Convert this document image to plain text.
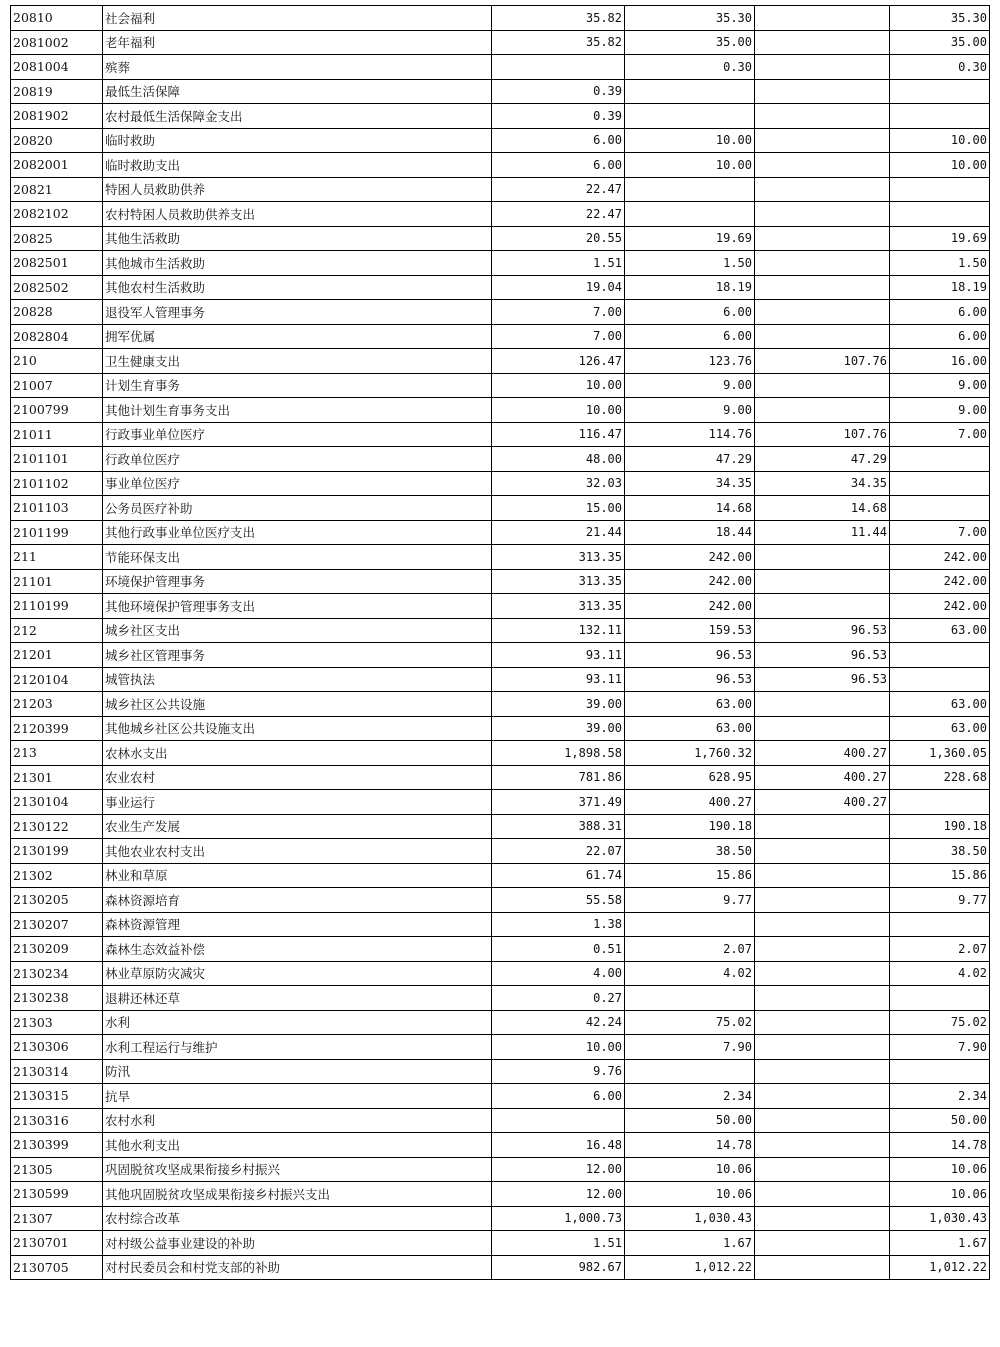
20810	社会福利	35.82	35.30		35.30
2081002	老年福利	35.82	35.00		35.00
2081004	殡葬		0.30		0.30
20819	最低生活保障	0.39			
2081902	农村最低生活保障金支出	0.39			
20820	临时救助	6.00	10.00		10.00
2082001	临时救助支出	6.00	10.00		10.00
20821	特困人员救助供养	22.47			
2082102	农村特困人员救助供养支出	22.47			
20825	其他生活救助	20.55	19.69		19.69
2082501	其他城市生活救助	1.51	1.50		1.50
2082502	其他农村生活救助	19.04	18.19		18.19
20828	退役军人管理事务	7.00	6.00		6.00
2082804	拥军优属	7.00	6.00		6.00
210	卫生健康支出	126.47	123.76	107.76	16.00
21007	计划生育事务	10.00	9.00		9.00
2100799	其他计划生育事务支出	10.00	9.00		9.00
21011	行政事业单位医疗	116.47	114.76	107.76	7.00
2101101	行政单位医疗	48.00	47.29	47.29	
2101102	事业单位医疗	32.03	34.35	34.35	
2101103	公务员医疗补助	15.00	14.68	14.68	
2101199	其他行政事业单位医疗支出	21.44	18.44	11.44	7.00
211	节能环保支出	313.35	242.00		242.00
21101	环境保护管理事务	313.35	242.00		242.00
2110199	其他环境保护管理事务支出	313.35	242.00		242.00
212	城乡社区支出	132.11	159.53	96.53	63.00
21201	城乡社区管理事务	93.11	96.53	96.53	
2120104	城管执法	93.11	96.53	96.53	
21203	城乡社区公共设施	39.00	63.00		63.00
2120399	其他城乡社区公共设施支出	39.00	63.00		63.00
213	农林水支出	1,898.58	1,760.32	400.27	1,360.05
21301	农业农村	781.86	628.95	400.27	228.68
2130104	事业运行	371.49	400.27	400.27	
2130122	农业生产发展	388.31	190.18		190.18
2130199	其他农业农村支出	22.07	38.50		38.50
21302	林业和草原	61.74	15.86		15.86
2130205	森林资源培育	55.58	9.77		9.77
2130207	森林资源管理	1.38			
2130209	森林生态效益补偿	0.51	2.07		2.07
2130234	林业草原防灾减灾	4.00	4.02		4.02
2130238	退耕还林还草	0.27			
21303	水利	42.24	75.02		75.02
2130306	水利工程运行与维护	10.00	7.90		7.90
2130314	防汛	9.76			
2130315	抗旱	6.00	2.34		2.34
2130316	农村水利		50.00		50.00
2130399	其他水利支出	16.48	14.78		14.78
21305	巩固脱贫攻坚成果衔接乡村振兴	12.00	10.06		10.06
2130599	其他巩固脱贫攻坚成果衔接乡村振兴支出	12.00	10.06		10.06
21307	农村综合改革	1,000.73	1,030.43		1,030.43
2130701	对村级公益事业建设的补助	1.51	1.67		1.67
2130705	对村民委员会和村党支部的补助	982.67	1,012.22		1,012.22
